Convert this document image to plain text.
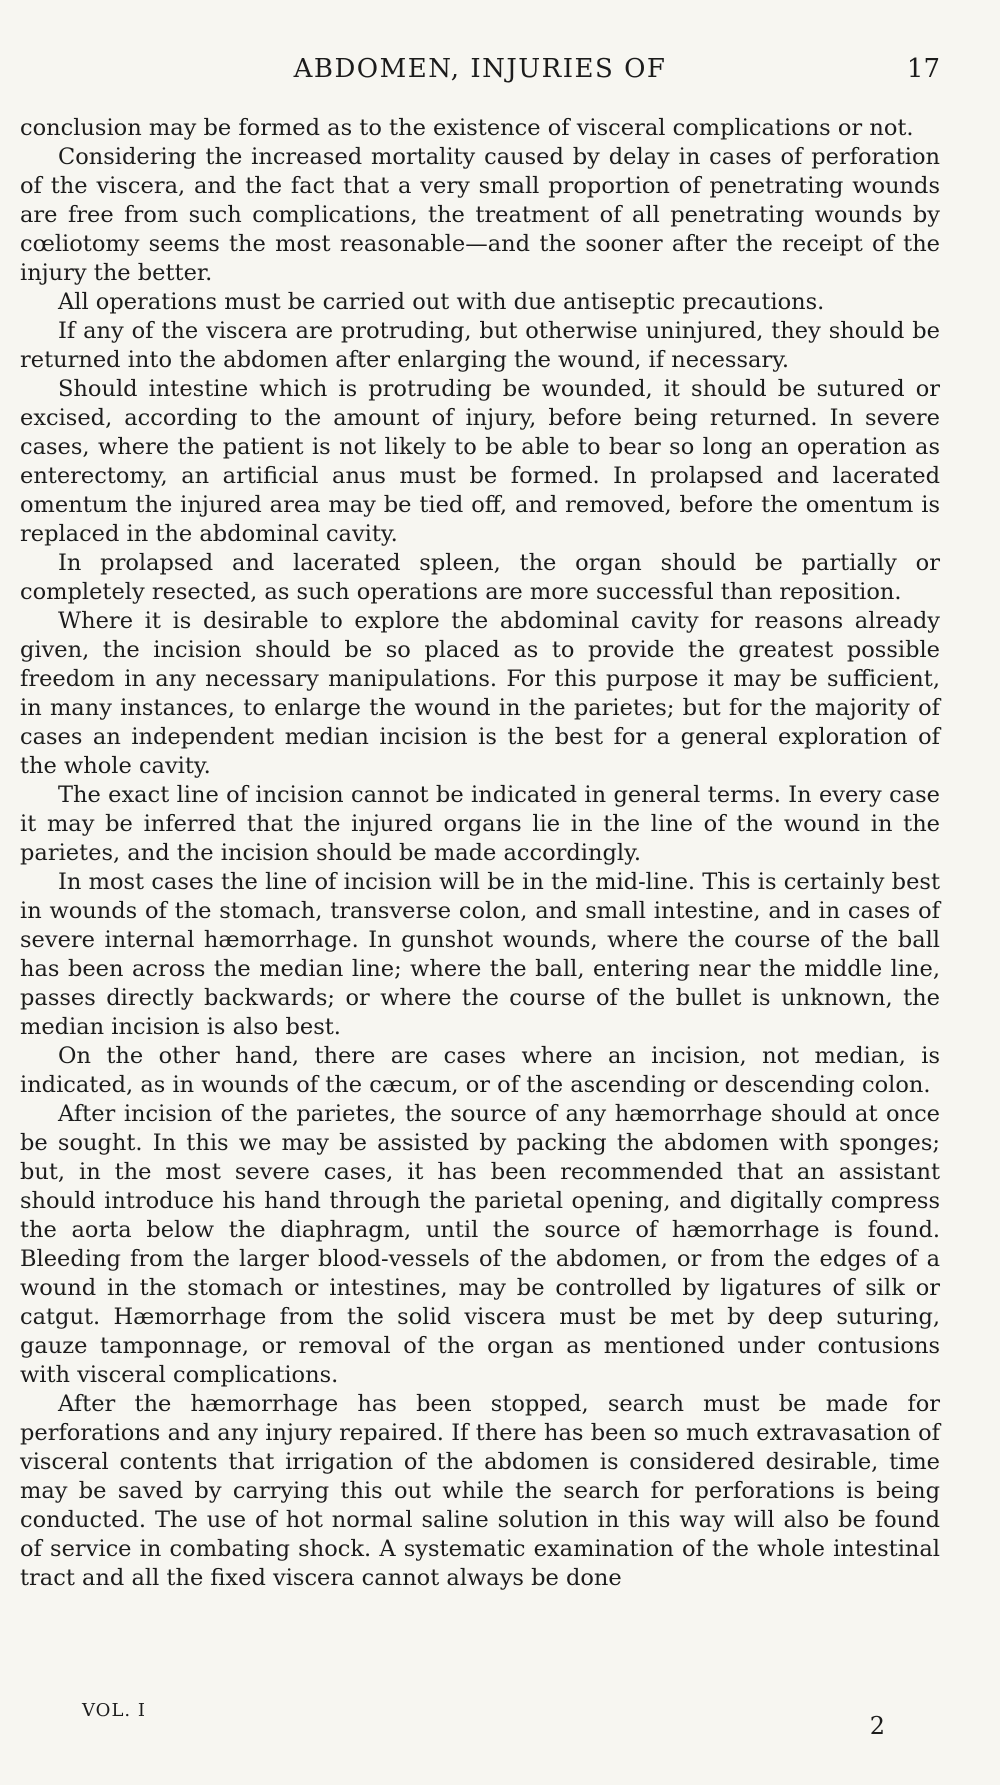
ABDOMEN, INJURIES OF	17

conclusion may be formed as to the existence of visceral complications or not.

Considering the increased mortality caused by delay in cases of perforation of the viscera, and the fact that a very small proportion of penetrating wounds are free from such complications, the treatment of all penetrating wounds by cœliotomy seems the most reasonable—and the sooner after the receipt of the injury the better.

All operations must be carried out with due antiseptic precautions.

If any of the viscera are protruding, but otherwise uninjured, they should be returned into the abdomen after enlarging the wound, if necessary.

Should intestine which is protruding be wounded, it should be sutured or excised, according to the amount of injury, before being returned. In severe cases, where the patient is not likely to be able to bear so long an operation as enterectomy, an artificial anus must be formed. In prolapsed and lacerated omentum the injured area may be tied off, and removed, before the omentum is replaced in the abdominal cavity.

In prolapsed and lacerated spleen, the organ should be partially or completely resected, as such operations are more successful than reposition.

Where it is desirable to explore the abdominal cavity for reasons already given, the incision should be so placed as to provide the greatest possible freedom in any necessary manipulations. For this purpose it may be sufficient, in many instances, to enlarge the wound in the parietes; but for the majority of cases an independent median incision is the best for a general exploration of the whole cavity.

The exact line of incision cannot be indicated in general terms. In every case it may be inferred that the injured organs lie in the line of the wound in the parietes, and the incision should be made accordingly.

In most cases the line of incision will be in the mid-line. This is certainly best in wounds of the stomach, transverse colon, and small intestine, and in cases of severe internal hæmorrhage. In gunshot wounds, where the course of the ball has been across the median line; where the ball, entering near the middle line, passes directly backwards; or where the course of the bullet is unknown, the median incision is also best.

On the other hand, there are cases where an incision, not median, is indicated, as in wounds of the cæcum, or of the ascending or descending colon.

After incision of the parietes, the source of any hæmorrhage should at once be sought. In this we may be assisted by packing the abdomen with sponges; but, in the most severe cases, it has been recommended that an assistant should introduce his hand through the parietal opening, and digitally compress the aorta below the diaphragm, until the source of hæmorrhage is found. Bleeding from the larger blood-vessels of the abdomen, or from the edges of a wound in the stomach or intestines, may be controlled by ligatures of silk or catgut. Hæmorrhage from the solid viscera must be met by deep suturing, gauze tamponnage, or removal of the organ as mentioned under contusions with visceral complications.

After the hæmorrhage has been stopped, search must be made for perforations and any injury repaired. If there has been so much extravasation of visceral contents that irrigation of the abdomen is considered desirable, time may be saved by carrying this out while the search for perforations is being conducted. The use of hot normal saline solution in this way will also be found of service in combating shock. A systematic examination of the whole intestinal tract and all the fixed viscera cannot always be done

VOL. I
2
